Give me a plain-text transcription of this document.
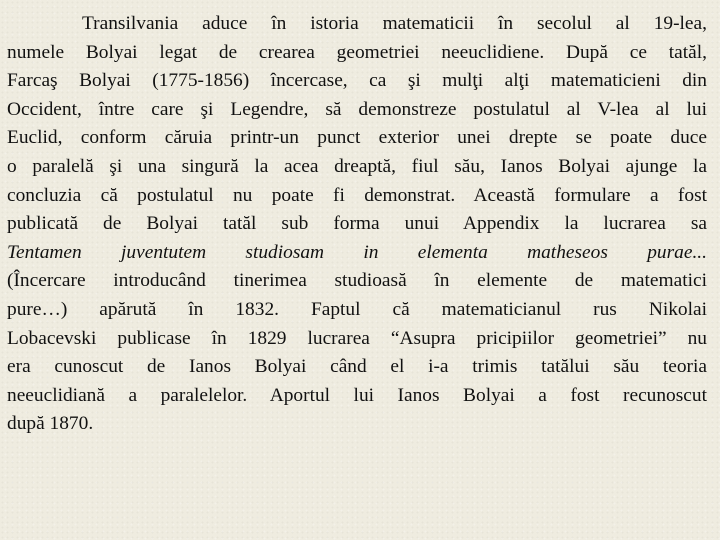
Transilvania aduce în istoria matematicii în secolul al 19-lea,
numele Bolyai legat de crearea geometriei neeuclidiene. După ce tatăl,
Farcaş Bolyai (1775-1856) încercase, ca şi mulţi alţi matematicieni din
Occident, între care şi Legendre, să demonstreze postulatul al V-lea al lui
Euclid, conform căruia printr-un punct exterior unei drepte se poate duce
o paralelă şi una singură la acea dreaptă, fiul său, Ianos Bolyai ajunge la
concluzia că postulatul nu poate fi demonstrat. Această formulare a fost
publicată de Bolyai tatăl sub forma unui Appendix la lucrarea sa
Tentamen juventutem studiosam in elementa matheseos purae...
(Încercare introducând tinerimea studioasă în elemente de matematici
pure…) apărută în 1832. Faptul că matematicianul rus Nikolai
Lobacevski publicase în 1829 lucrarea “Asupra pricipiilor geometriei” nu
era cunoscut de Ianos Bolyai când el i-a trimis tatălui său teoria
neeuclidiană a paralelelor. Aportul lui Ianos Bolyai a fost recunoscut
după 1870.
